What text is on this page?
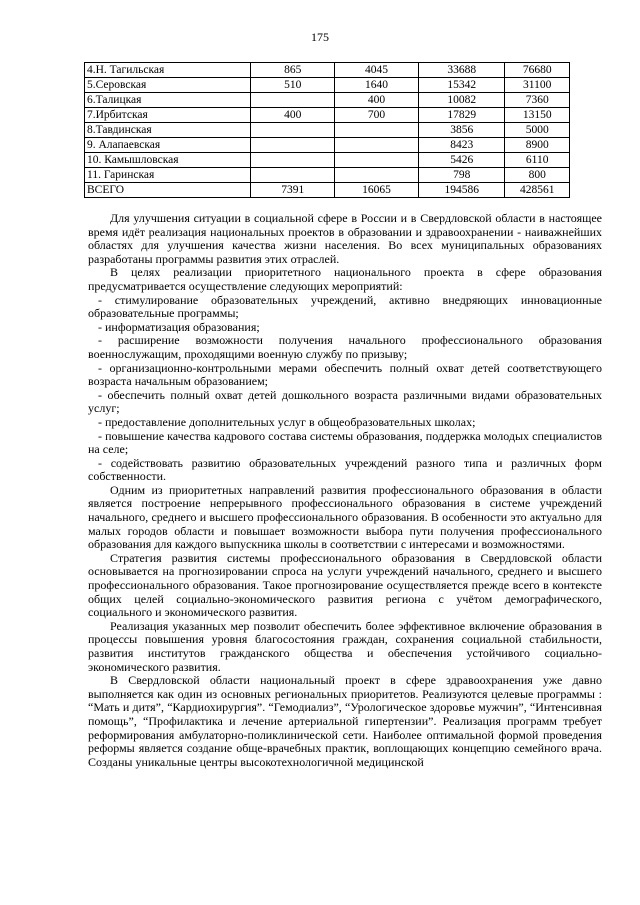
175
4.Н. Тагильская	865	4045	33688	76680
5.Серовская	510	1640	15342	31100
6.Талицкая		400	10082	7360
7.Ирбитская	400	700	17829	13150
8.Тавдинская			3856	5000
9. Алапаевская			8423	8900
10. Камышловская			5426	6110
11. Гаринская			798	800
ВСЕГО	7391	16065	194586	428561

Для улучшения ситуации в социальной сфере в России и в Свердловской области в настоящее время идёт реализация национальных проектов в образовании и здравоохранении - наиважнейших областях для улучшения качества жизни населения. Во всех муниципальных образованиях разработаны программы развития этих отраслей.

В целях реализации приоритетного национального проекта в сфере образования предусматривается осуществление следующих мероприятий:

- стимулирование образовательных учреждений, активно внедряющих инновационные образовательные программы;

- информатизация образования;

- расширение возможности получения начального профессионального образования военнослужащим, проходящими военную службу по призыву;

- организационно-контрольными мерами обеспечить полный охват детей соответствующего возраста начальным образованием;

- обеспечить полный охват детей дошкольного возраста различными видами образовательных услуг;

- предоставление дополнительных услуг в общеобразовательных школах;

- повышение качества кадрового состава системы образования, поддержка молодых специалистов на селе;

- содействовать развитию образовательных учреждений разного типа и различных форм собственности.

Одним из приоритетных направлений развития профессионального образования в области является построение непрерывного профессионального образования в системе учреждений начального, среднего и высшего профессионального образования. В особенности это актуально для малых городов области и повышает возможности выбора пути получения профессионального образования для каждого выпускника школы в соответствии с интересами и возможностями.

Стратегия развития системы профессионального образования в Свердловской области основывается на прогнозировании спроса на услуги учреждений начального, среднего и высшего профессионального образования. Такое прогнозирование осуществляется прежде всего в контексте общих целей социально-экономического развития региона с учётом демографического, социального и экономического развития.

Реализация указанных мер позволит обеспечить более эффективное включение образования в процессы повышения уровня благосостояния граждан, сохранения социальной стабильности, развития институтов гражданского общества и обеспечения устойчивого социально-экономического развития.

В Свердловской области национальный проект в сфере здравоохранения уже давно выполняется как один из основных региональных приоритетов. Реализуются целевые программы : “Мать и дитя”, “Кардиохирургия”. “Гемодиализ”, “Урологическое здоровье мужчин”, “Интенсивная помощь”, “Профилактика и лечение артериальной гипертензии”. Реализация программ требует реформирования амбулаторно-поликлинической сети. Наиболее оптимальной формой проведения реформы является создание обще-врачебных практик, воплощающих концепцию семейного врача. Созданы уникальные центры высокотехнологичной медицинской
